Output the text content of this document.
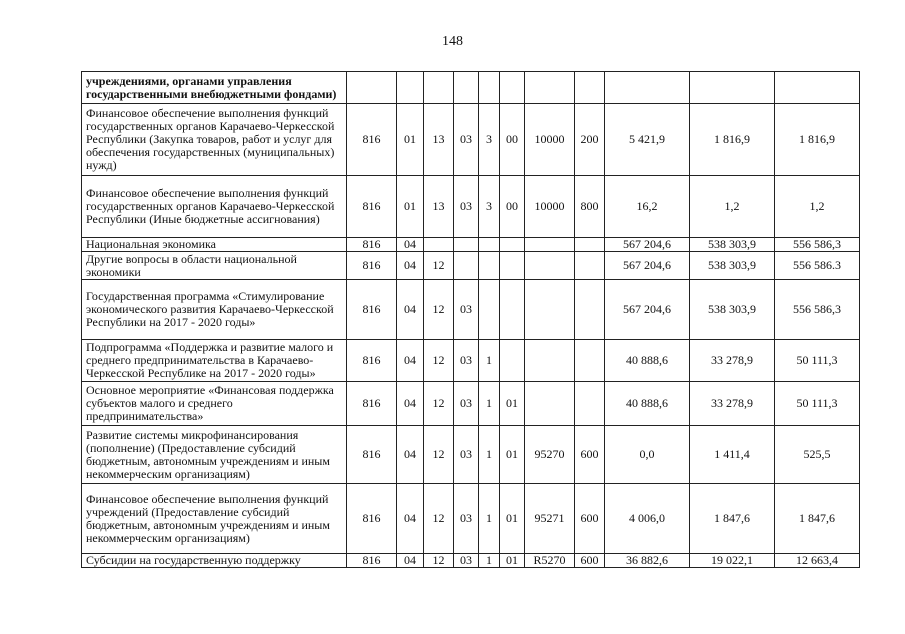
148
учреждениями, органами управления государственными внебюджетными фондами)											
Финансовое обеспечение выполнения функций государственных органов Карачаево-Черкесской Республики (Закупка товаров, работ и услуг для обеспечения государственных (муниципальных) нужд)	816	01	13	03	3	00	10000	200	5 421,9	1 816,9	1 816,9
Финансовое обеспечение выполнения функций государственных органов Карачаево-Черкесской Республики (Иные бюджетные ассигнования)	816	01	13	03	3	00	10000	800	16,2	1,2	1,2
Национальная экономика	816	04							567 204,6	538 303,9	556 586,3
Другие вопросы в области национальной экономики	816	04	12						567 204,6	538 303,9	556 586.3
Государственная программа «Стимулирование экономического развития Карачаево-Черкесской Республики на 2017 - 2020 годы»	816	04	12	03					567 204,6	538 303,9	556 586,3
Подпрограмма «Поддержка и развитие малого и среднего предпринимательства в Карачаево-Черкесской Республике на 2017 - 2020 годы»	816	04	12	03	1				40 888,6	33 278,9	50 111,3
Основное мероприятие «Финансовая поддержка субъектов малого и среднего предпринимательства»	816	04	12	03	1	01			40 888,6	33 278,9	50 111,3
Развитие системы микрофинансирования (пополнение) (Предоставление субсидий бюджетным, автономным учреждениям и иным некоммерческим организациям)	816	04	12	03	1	01	95270	600	0,0	1 411,4	525,5
Финансовое обеспечение выполнения функций учреждений (Предоставление субсидий бюджетным, автономным учреждениям и иным некоммерческим организациям)	816	04	12	03	1	01	95271	600	4 006,0	1 847,6	1 847,6
Субсидии на государственную поддержку	816	04	12	03	1	01	R5270	600	36 882,6	19 022,1	12 663,4
